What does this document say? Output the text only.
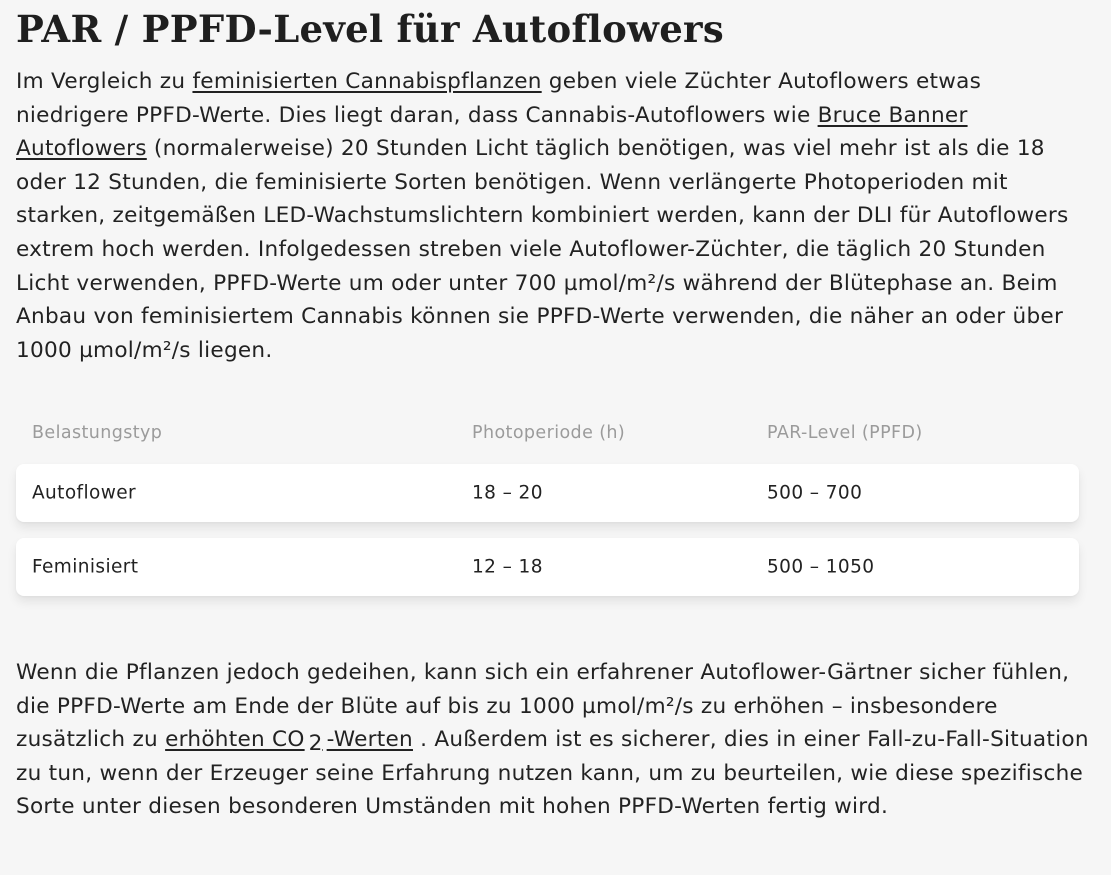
PAR / PPFD-Level für Autoflowers

Im Vergleich zu feminisierten Cannabispflanzen geben viele Züchter Autoflowers etwas niedrigere PPFD-Werte. Dies liegt daran, dass Cannabis-Autoflowers wie Bruce Banner Autoflowers (normalerweise) 20 Stunden Licht täglich benötigen, was viel mehr ist als die 18 oder 12 Stunden, die feminisierte Sorten benötigen. Wenn verlängerte Photoperioden mit starken, zeitgemäßen LED-Wachstumslichtern kombiniert werden, kann der DLI für Autoflowers extrem hoch werden. Infolgedessen streben viele Autoflower-Züchter, die täglich 20 Stunden Licht verwenden, PPFD-Werte um oder unter 700 µmol/m²/s während der Blütephase an. Beim Anbau von feminisiertem Cannabis können sie PPFD-Werte verwenden, die näher an oder über 1000 µmol/m²/s liegen.

Belastungstyp	Photoperiode (h)	PAR-Level (PPFD)
Autoflower	18 – 20	500 – 700
Feminisiert	12 – 18	500 – 1050

Wenn die Pflanzen jedoch gedeihen, kann sich ein erfahrener Autoflower-Gärtner sicher fühlen, die PPFD-Werte am Ende der Blüte auf bis zu 1000 µmol/m²/s zu erhöhen – insbesondere zusätzlich zu erhöhten CO $_2$ -Werten . Außerdem ist es sicherer, dies in einer Fall-zu-Fall-Situation zu tun, wenn der Erzeuger seine Erfahrung nutzen kann, um zu beurteilen, wie diese spezifische Sorte unter diesen besonderen Umständen mit hohen PPFD-Werten fertig wird.
